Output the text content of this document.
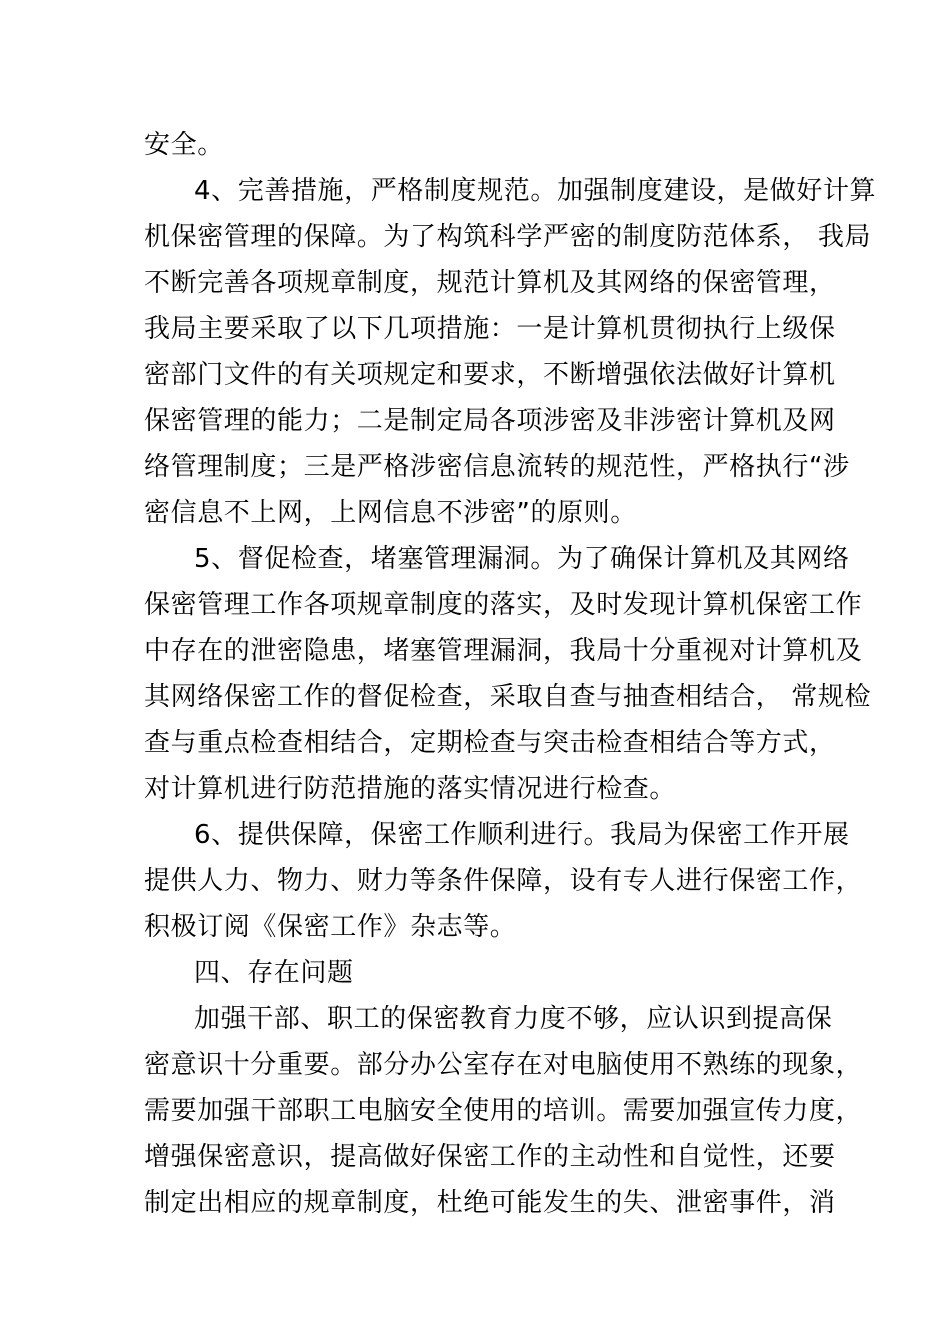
安全。
4、完善措施，严格制度规范。加强制度建设，是做好计算
机保密管理的保障。为了构筑科学严密的制度防范体系， 我局
不断完善各项规章制度，规范计算机及其网络的保密管理，
我局主要采取了以下几项措施：一是计算机贯彻执行上级保
密部门文件的有关项规定和要求，不断增强依法做好计算机
保密管理的能力；二是制定局各项涉密及非涉密计算机及网
络管理制度；三是严格涉密信息流转的规范性，严格执行“涉
密信息不上网，上网信息不涉密”的原则。
5、督促检查，堵塞管理漏洞。为了确保计算机及其网络
保密管理工作各项规章制度的落实，及时发现计算机保密工作
中存在的泄密隐患，堵塞管理漏洞，我局十分重视对计算机及
其网络保密工作的督促检查，采取自查与抽查相结合， 常规检
查与重点检查相结合，定期检查与突击检查相结合等方式，
对计算机进行防范措施的落实情况进行检查。
6、提供保障，保密工作顺利进行。我局为保密工作开展
提供人力、物力、财力等条件保障，设有专人进行保密工作，
积极订阅《保密工作》杂志等。
四、存在问题
加强干部、职工的保密教育力度不够，应认识到提高保
密意识十分重要。部分办公室存在对电脑使用不熟练的现象，
需要加强干部职工电脑安全使用的培训。需要加强宣传力度，
增强保密意识，提高做好保密工作的主动性和自觉性，还要
制定出相应的规章制度，杜绝可能发生的失、泄密事件，消
